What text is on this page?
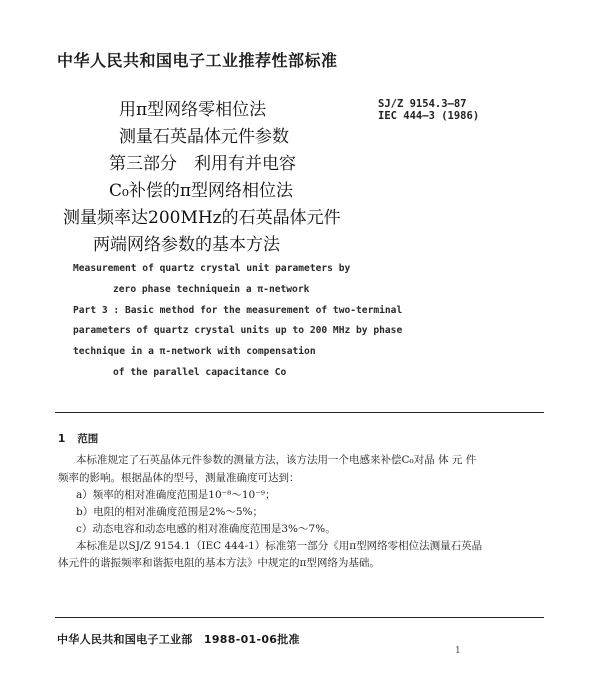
中华人民共和国电子工业推荐性部标准
SJ/Z 9154.3—87
IEC 444—3 (1986)
用π型网络零相位法
测量石英晶体元件参数
第三部分　利用有并电容
C₀补偿的π型网络相位法
测量频率达200MHz的石英晶体元件
两端网络参数的基本方法
Measurement of quartz crystal unit parameters by
zero phase techniquein a π-network
Part 3 : Basic method for the measurement of two-terminal
parameters of quartz crystal units up to 200 MHz by phase
technique in a π-network with compensation
of the parallel capacitance Co
1 范围
本标准规定了石英晶体元件参数的测量方法，该方法用一个电感来补偿C₀对晶 体 元 件
频率的影响。根据晶体的型号，测量准确度可达到：
a）频率的相对准确度范围是10⁻⁸～10⁻⁹；
b）电阻的相对准确度范围是2%～5%；
c）动态电容和动态电感的相对准确度范围是3%～7%。
本标准是以SJ/Z 9154.1（IEC 444-1）标准第一部分《用π型网络零相位法测量石英晶
体元件的谐振频率和谐振电阻的基本方法》中规定的π型网络为基础。
中华人民共和国电子工业部　1988-01-06批准
1
